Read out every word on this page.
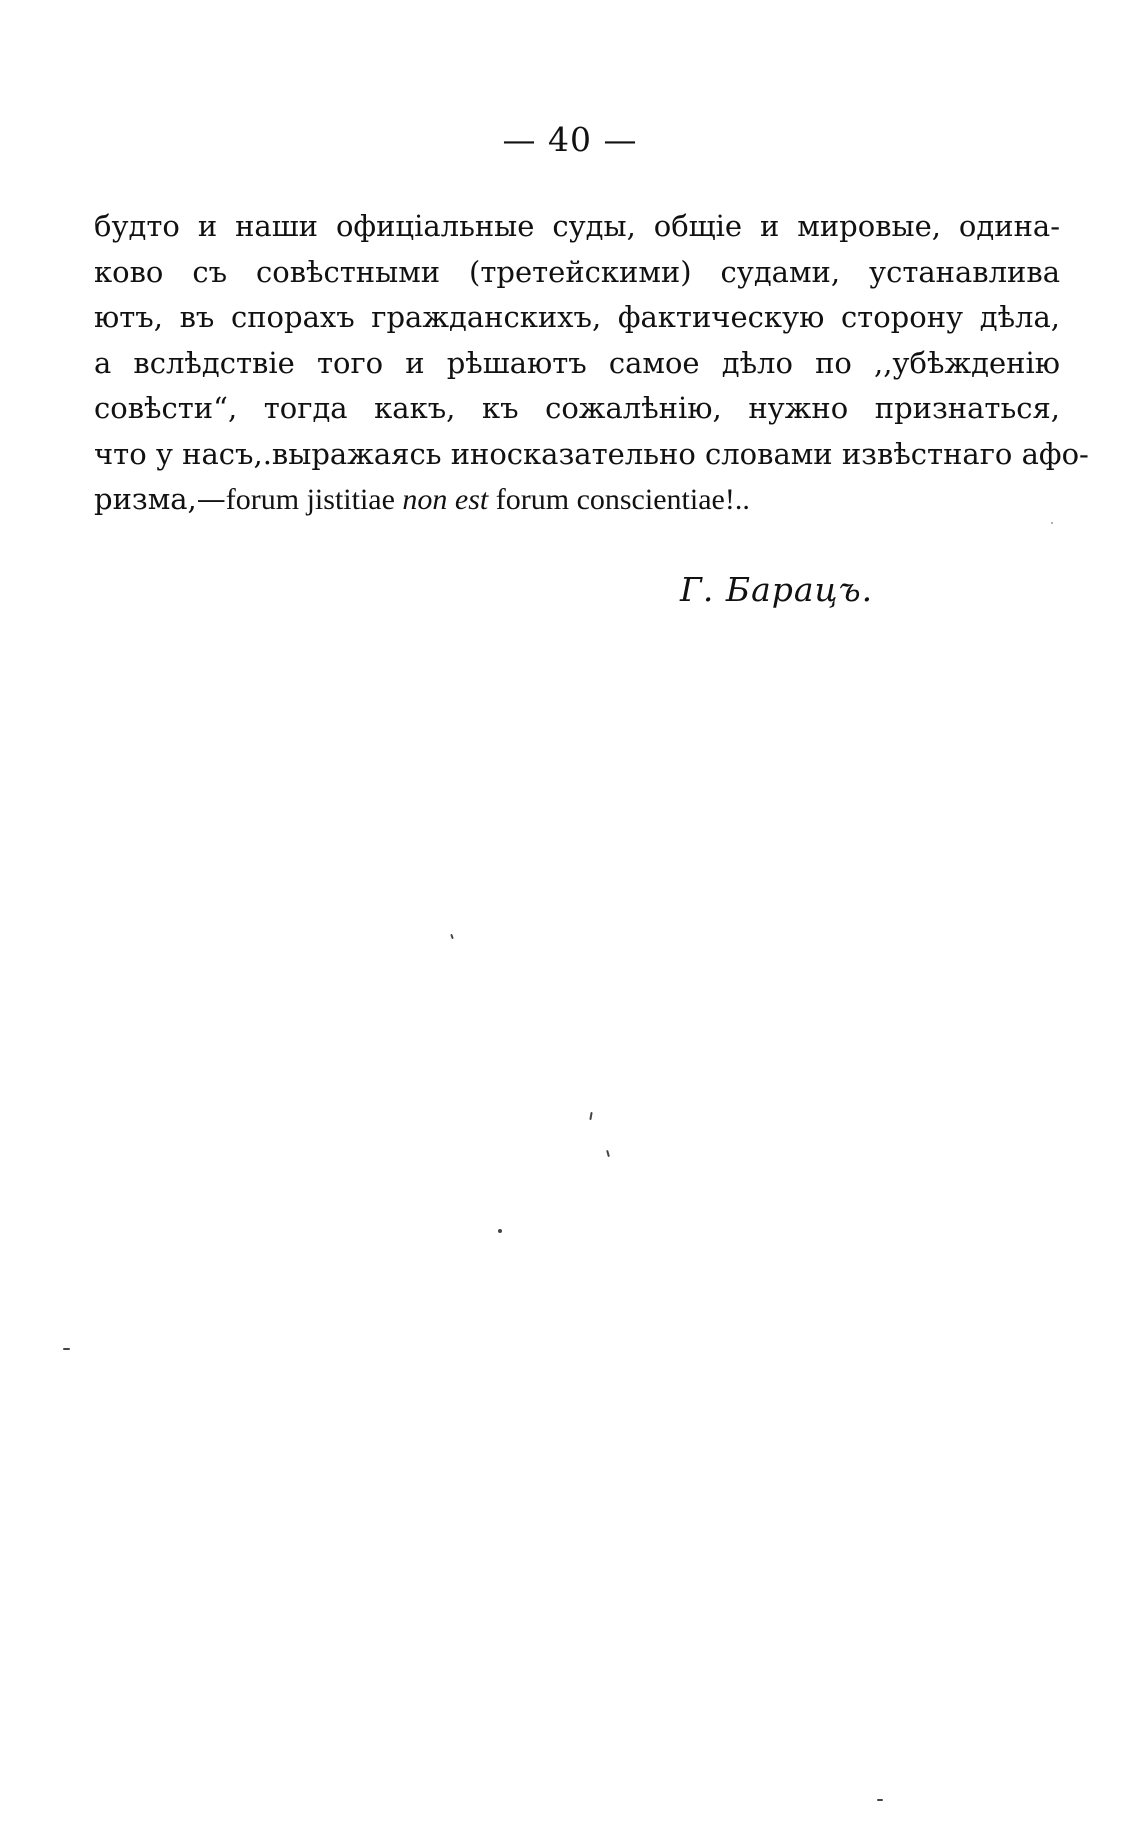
— 40 —

будто и наши офиціальные суды, общіе и мировые, одина-
ково съ совѣстными (третейскими) судами, устанавлива
ютъ, въ спорахъ гражданскихъ, фактическую сторону дѣла,
а вслѣдствіе того и рѣшаютъ самое дѣло по ,,убѣжденію
совѣсти“, тогда какъ, къ сожалѣнію, нужно признаться,
что у насъ,.выражаясь иносказательно словами извѣстнаго афо-
ризма,—forum jistitiae non est forum conscientiae!..

Г. Барацъ.
